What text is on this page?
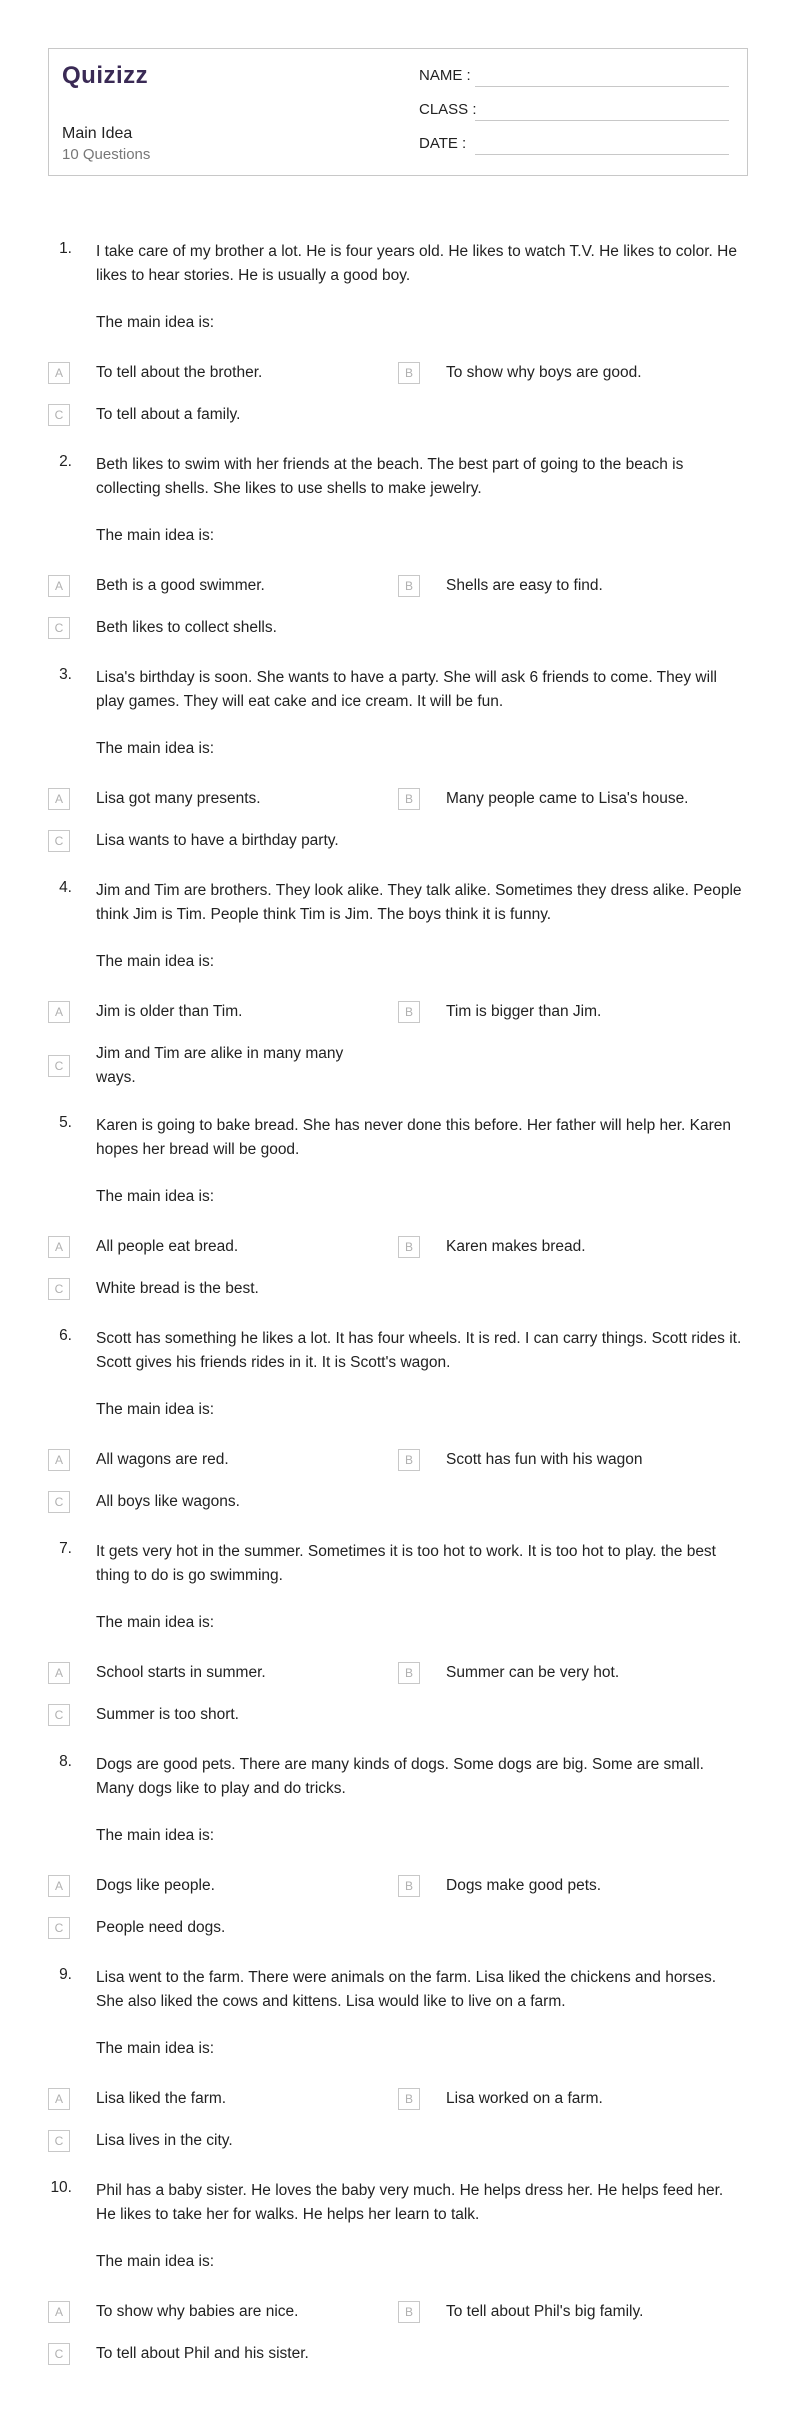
Quizizz
Main Idea
10 Questions
NAME :
CLASS :
DATE :
1. I take care of my brother a lot. He is four years old. He likes to watch T.V. He likes to color. He likes to hear stories. He is usually a good boy.
The main idea is:
A	To tell about the brother.	B	To show why boys are good.
C	To tell about a family.
2. Beth likes to swim with her friends at the beach. The best part of going to the beach is collecting shells. She likes to use shells to make jewelry.
The main idea is:
A	Beth is a good swimmer.	B	Shells are easy to find.
C	Beth likes to collect shells.
3. Lisa's birthday is soon. She wants to have a party. She will ask 6 friends to come. They will play games. They will eat cake and ice cream. It will be fun.
The main idea is:
A	Lisa got many presents.	B	Many people came to Lisa's house.
C	Lisa wants to have a birthday party.
4. Jim and Tim are brothers. They look alike. They talk alike. Sometimes they dress alike. People think Jim is Tim. People think Tim is Jim. The boys think it is funny.
The main idea is:
A	Jim is older than Tim.	B	Tim is bigger than Jim.
C
Jim and Tim are alike in many many ways.
5. Karen is going to bake bread. She has never done this before. Her father will help her. Karen hopes her bread will be good.
The main idea is:
A	All people eat bread.	B	Karen makes bread.
C	White bread is the best.
6. Scott has something he likes a lot. It has four wheels. It is red. I can carry things. Scott rides it. Scott gives his friends rides in it. It is Scott's wagon.
The main idea is:
A	All wagons are red.	B	Scott has fun with his wagon
C	All boys like wagons.
7. It gets very hot in the summer. Sometimes it is too hot to work. It is too hot to play. the best thing to do is go swimming.
The main idea is:
A	School starts in summer.	B	Summer can be very hot.
C	Summer is too short.
8. Dogs are good pets. There are many kinds of dogs. Some dogs are big. Some are small. Many dogs like to play and do tricks.
The main idea is:
A	Dogs like people.	B	Dogs make good pets.
C	People need dogs.
9. Lisa went to the farm. There were animals on the farm. Lisa liked the chickens and horses. She also liked the cows and kittens. Lisa would like to live on a farm.
The main idea is:
A	Lisa liked the farm.	B	Lisa worked on a farm.
C	Lisa lives in the city.
10. Phil has a baby sister. He loves the baby very much. He helps dress her. He helps feed her. He likes to take her for walks. He helps her learn to talk.
The main idea is:
A	To show why babies are nice.	B	To tell about Phil's big family.
C	To tell about Phil and his sister.
